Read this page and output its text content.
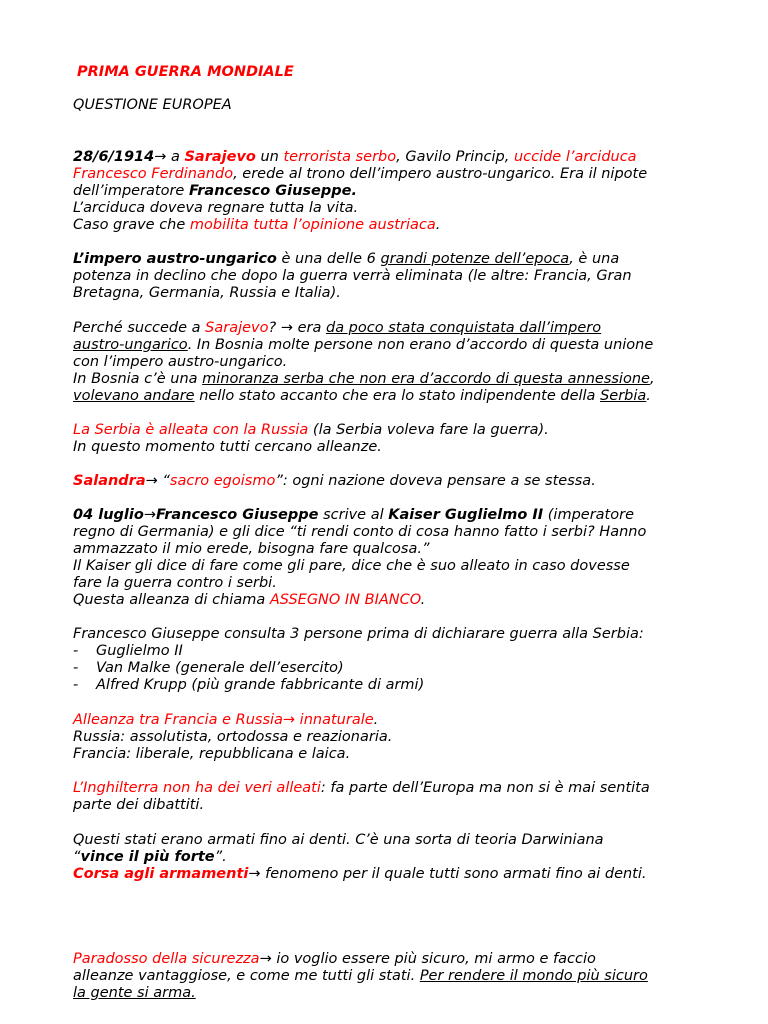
PRIMA GUERRA MONDIALE

QUESTIONE EUROPEA

28/6/1914→ a Sarajevo un terrorista serbo, Gavilo Princip, uccide l’arciduca

Francesco Ferdinando, erede al trono dell’impero austro-ungarico. Era il nipote

dell’imperatore Francesco Giuseppe.

L’arciduca doveva regnare tutta la vita.

Caso grave che mobilita tutta l’opinione austriaca.

L’impero austro-ungarico è una delle 6 grandi potenze dell’epoca, è una

potenza in declino che dopo la guerra verrà eliminata (le altre: Francia, Gran

Bretagna, Germania, Russia e Italia).

Perché succede a Sarajevo? → era da poco stata conquistata dall’impero

austro-ungarico. In Bosnia molte persone non erano d’accordo di questa unione

con l’impero austro-ungarico.

In Bosnia c’è una minoranza serba che non era d’accordo di questa annessione,

volevano andare nello stato accanto che era lo stato indipendente della Serbia.

La Serbia è alleata con la Russia (la Serbia voleva fare la guerra).

In questo momento tutti cercano alleanze.

Salandra→ “sacro egoismo”: ogni nazione doveva pensare a se stessa.

04 luglio→Francesco Giuseppe scrive al Kaiser Guglielmo II (imperatore

regno di Germania) e gli dice “ti rendi conto di cosa hanno fatto i serbi? Hanno

ammazzato il mio erede, bisogna fare qualcosa.”

Il Kaiser gli dice di fare come gli pare, dice che è suo alleato in caso dovesse

fare la guerra contro i serbi.

Questa alleanza di chiama ASSEGNO IN BIANCO.

Francesco Giuseppe consulta 3 persone prima di dichiarare guerra alla Serbia:

- Guglielmo II

- Van Malke (generale dell’esercito)

- Alfred Krupp (più grande fabbricante di armi)

Alleanza tra Francia e Russia→ innaturale.

Russia: assolutista, ortodossa e reazionaria.

Francia: liberale, repubblicana e laica.

L’Inghilterra non ha dei veri alleati: fa parte dell’Europa ma non si è mai sentita

parte dei dibattiti.

Questi stati erano armati fino ai denti. C’è una sorta di teoria Darwiniana

“vince il più forte”.

Corsa agli armamenti→ fenomeno per il quale tutti sono armati fino ai denti.

Paradosso della sicurezza→ io voglio essere più sicuro, mi armo e faccio

alleanze vantaggiose, e come me tutti gli stati. Per rendere il mondo più sicuro

la gente si arma.
